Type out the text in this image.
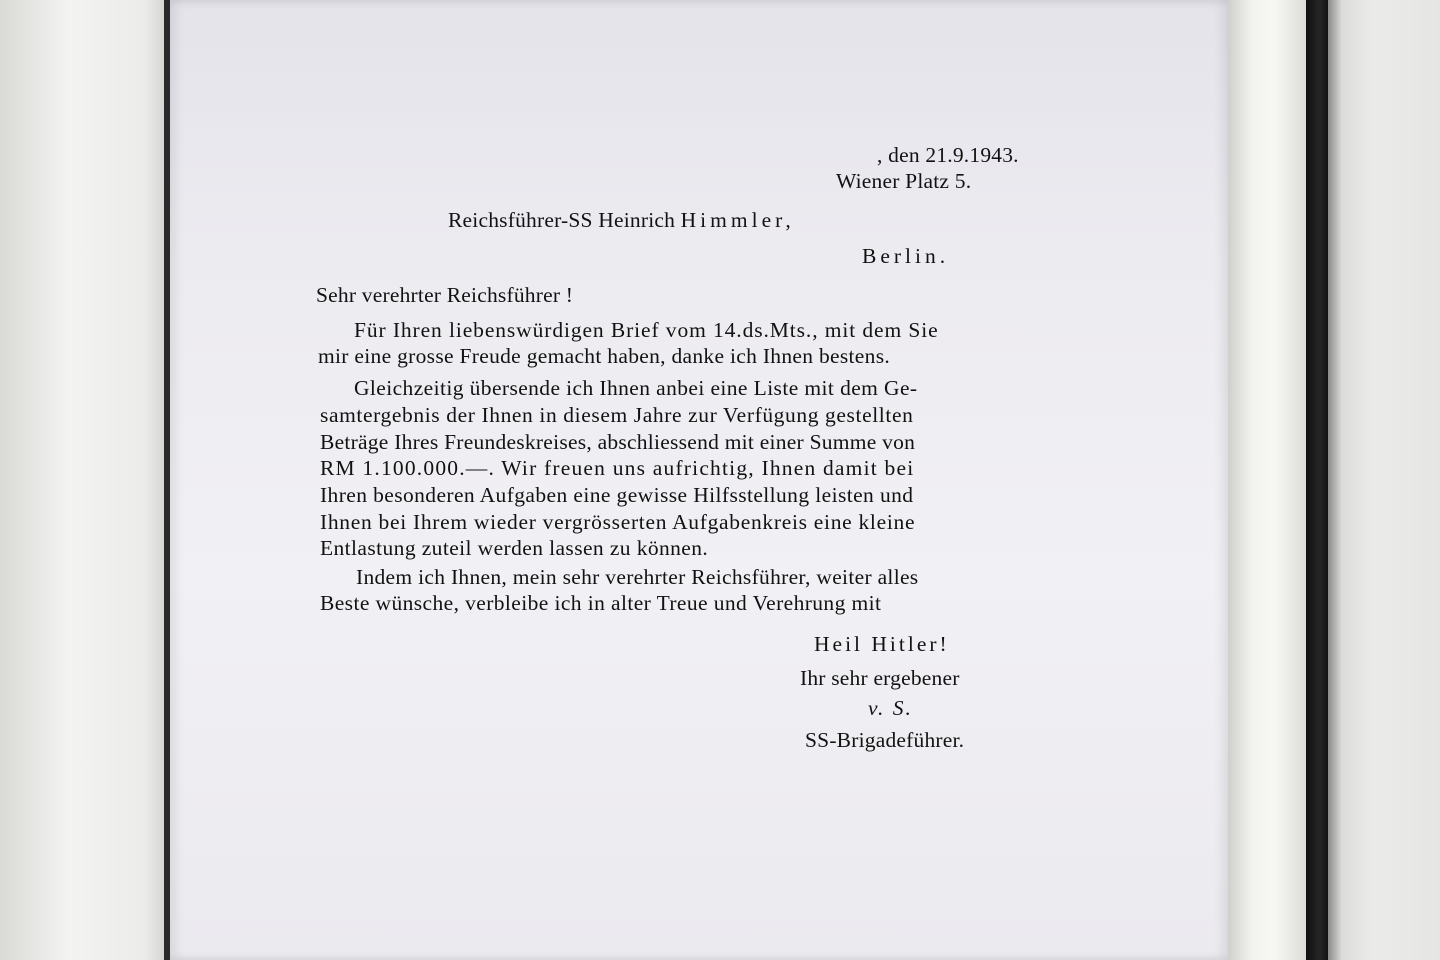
, den 21.9.1943.
Wiener Platz 5.
Reichsführer-SS Heinrich Himmler,
Berlin.
Sehr verehrter Reichsführer !
Für Ihren liebenswürdigen Brief vom 14.ds.Mts., mit dem Sie
mir eine grosse Freude gemacht haben, danke ich Ihnen bestens.
Gleichzeitig übersende ich Ihnen anbei eine Liste mit dem Ge-
samtergebnis der Ihnen in diesem Jahre zur Verfügung gestellten
Beträge Ihres Freundeskreises, abschliessend mit einer Summe von
RM 1.100.000.—. Wir freuen uns aufrichtig, Ihnen damit bei
Ihren besonderen Aufgaben eine gewisse Hilfsstellung leisten und
Ihnen bei Ihrem wieder vergrösserten Aufgabenkreis eine kleine
Entlastung zuteil werden lassen zu können.
Indem ich Ihnen, mein sehr verehrter Reichsführer, weiter alles
Beste wünsche, verbleibe ich in alter Treue und Verehrung mit
Heil Hitler!
Ihr sehr ergebener
v. S.
SS-Brigadeführer.
